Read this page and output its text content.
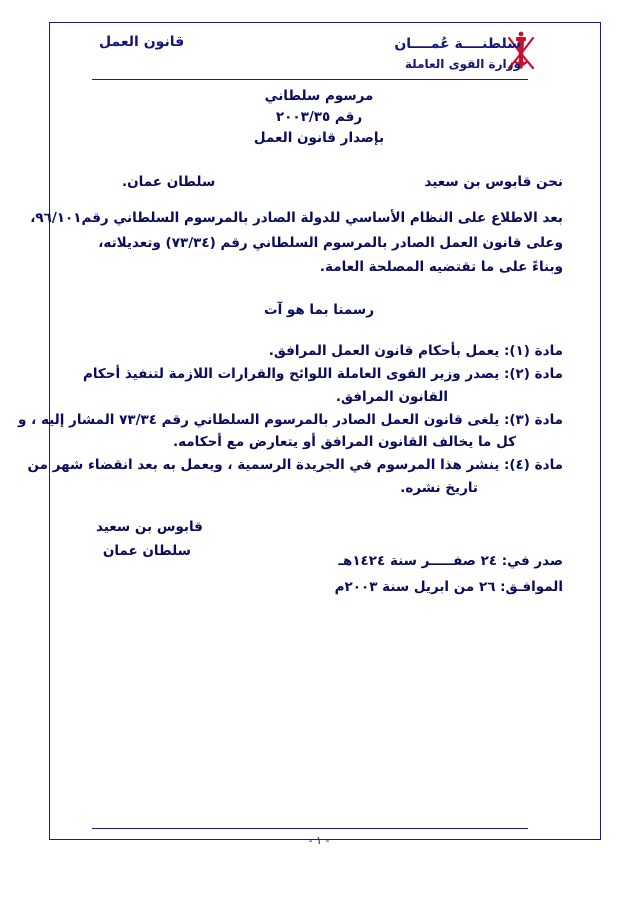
سلطنــــة عُمــــان
وزارة القوى العاملة
قانون العمل
مرسوم سلطاني
رقم ٢٠٠٣/٣٥
بإصدار قانون العمل
نحن قابوس بن سعيد
سلطان عمان.
بعد الاطلاع على النظام الأساسي للدولة الصادر بالمرسوم السلطاني رقم٩٦/١٠١،
وعلى قانون العمل الصادر بالمرسوم السلطاني رقم (٧٣/٣٤) وتعديلاته،
وبناءً على ما تقتضيه المصلحة العامة.
رسمنا بما هو آت
مادة (١): يعمل بأحكام قانون العمل المرافق.
مادة (٢): يصدر وزير القوى العاملة اللوائح والقرارات اللازمة لتنفيذ أحكام
القانون المرافق.
مادة (٣): يلغى قانون العمل الصادر بالمرسوم السلطاني رقم ٧٣/٣٤ المشار إليه ، و
كل ما يخالف القانون المرافق أو يتعارض مع أحكامه.
مادة (٤): ينشر هذا المرسوم في الجريدة الرسمية ، ويعمل به بعد انقضاء شهر من
تاريخ نشره.
قابوس بن سعيد
سلطان عمان
صدر في: ٢٤ صفـــــر سنة ١٤٢٤هـ
الموافـق: ٢٦ من ابريل سنة ٢٠٠٣م
- ١ -
